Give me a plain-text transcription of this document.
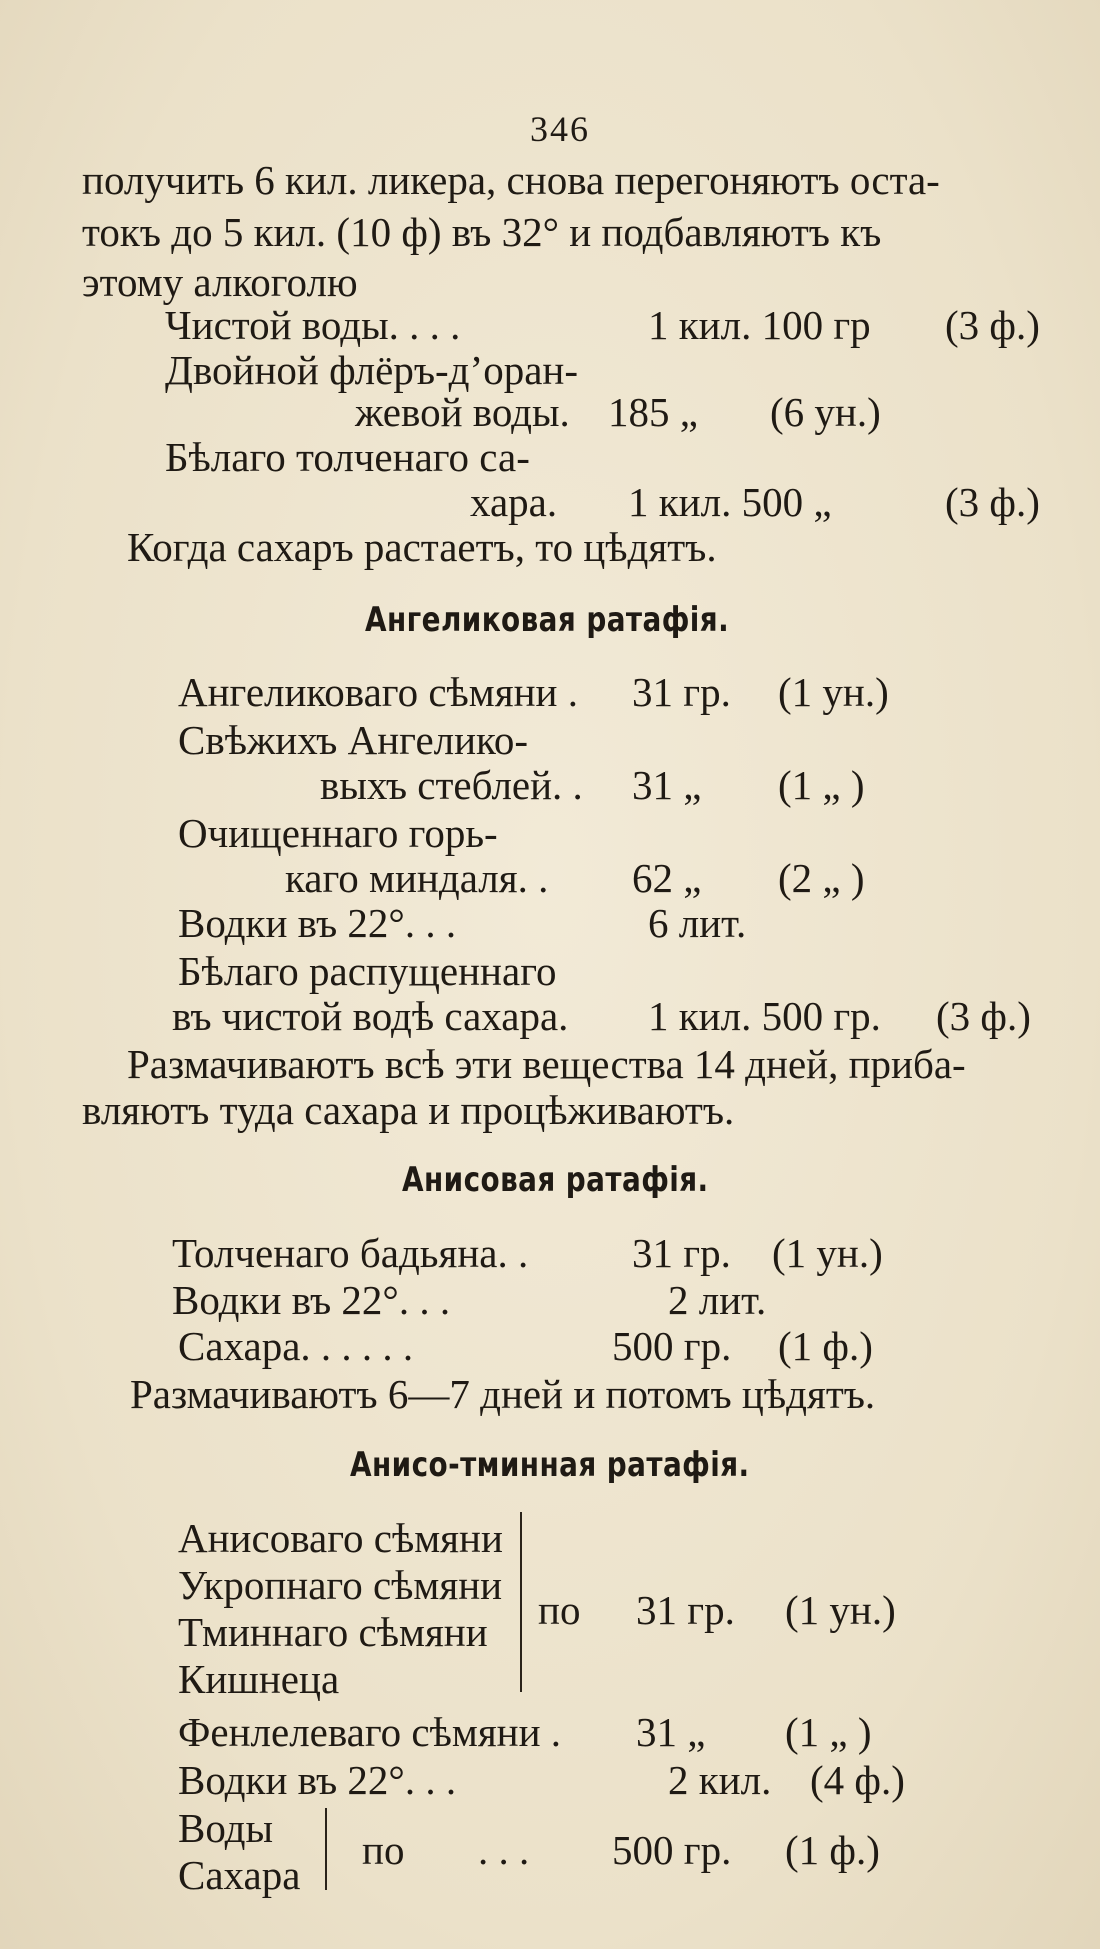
346
получить 6 кил. ликера, снова перегоняютъ оста-
токъ до 5 кил. (10 ф) въ 32° и подбавляютъ къ
этому алкоголю
Чистой воды. . . .	1 кил. 100 гр (3 ф.)
Двойной флёръ-д’оран-
жевой воды. 185 „ (6 ун.)
Бѣлаго толченаго са-
хара. 1 кил. 500 „	(3 ф.)
Когда сахаръ растаетъ, то цѣдятъ.
Ангеликовая ратафія.
Ангеликоваго сѣмяни . 31 гр. (1 ун.)
Свѣжихъ Ангелико-
выхъ стеблей. . 31 „ (1 „ )
Очищеннаго горь-
каго миндаля. . 62 „ (2 „ )
Водки въ 22°. . .	6 лит.
Бѣлаго распущеннаго
въ чистой водѣ сахара. 1 кил. 500 гр. (3 ф.)
Размачиваютъ всѣ эти вещества 14 дней, приба-
вляютъ туда сахара и процѣживаютъ.
Анисовая ратафія.
Толченаго бадьяна. .	31 гр. (1 ун.)
Водки въ 22°. . .	2 лит.
Сахара. . . . . .	500 гр. (1 ф.)
Размачиваютъ 6—7 дней и потомъ цѣдятъ.
Анисо-тминная ратафія.
Анисоваго сѣмяни
Укропнаго сѣмяни
Тминнаго сѣмяни
Кишнеца
по 31 гр. (1 ун.)
Фенлелеваго сѣмяни . 31 „ (1 „ )
Водки въ 22°. . .	2 кил. (4 ф.)
Воды
Сахара
по . . . 500 гр. (1 ф.)
